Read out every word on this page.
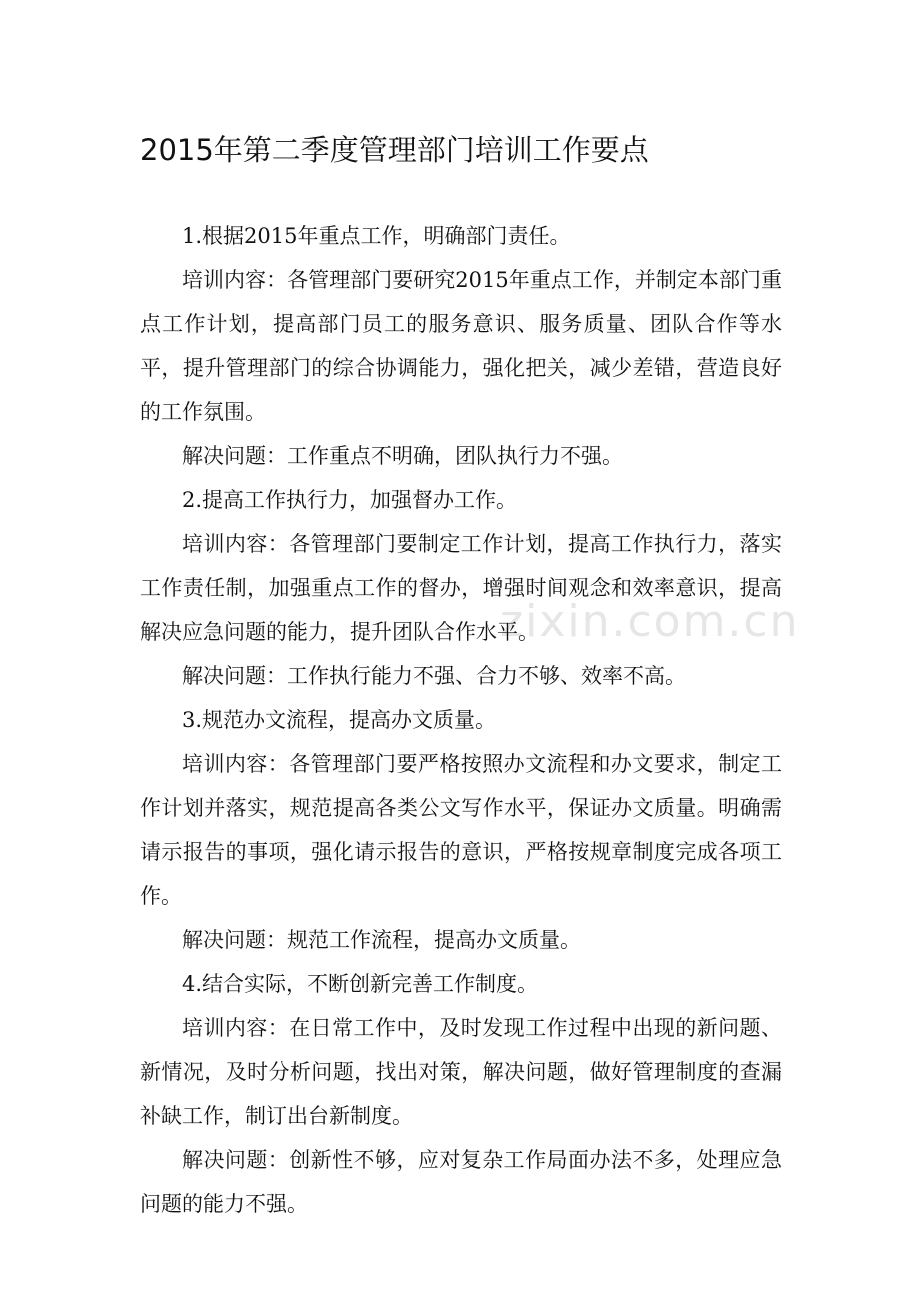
2015年第二季度管理部门培训工作要点
zixin.com.cn

1.根据2015年重点工作，明确部门责任。

培训内容：各管理部门要研究2015年重点工作，并制定本部门重点工作计划，提高部门员工的服务意识、服务质量、团队合作等水平，提升管理部门的综合协调能力，强化把关，减少差错，营造良好的工作氛围。

解决问题：工作重点不明确，团队执行力不强。

2.提高工作执行力，加强督办工作。

培训内容：各管理部门要制定工作计划，提高工作执行力，落实工作责任制，加强重点工作的督办，增强时间观念和效率意识，提高解决应急问题的能力，提升团队合作水平。

解决问题：工作执行能力不强、合力不够、效率不高。

3.规范办文流程，提高办文质量。

培训内容：各管理部门要严格按照办文流程和办文要求，制定工作计划并落实，规范提高各类公文写作水平，保证办文质量。明确需请示报告的事项，强化请示报告的意识，严格按规章制度完成各项工作。

解决问题：规范工作流程，提高办文质量。

4.结合实际，不断创新完善工作制度。

培训内容：在日常工作中，及时发现工作过程中出现的新问题、新情况，及时分析问题，找出对策，解决问题，做好管理制度的查漏补缺工作，制订出台新制度。

解决问题：创新性不够，应对复杂工作局面办法不多，处理应急问题的能力不强。
